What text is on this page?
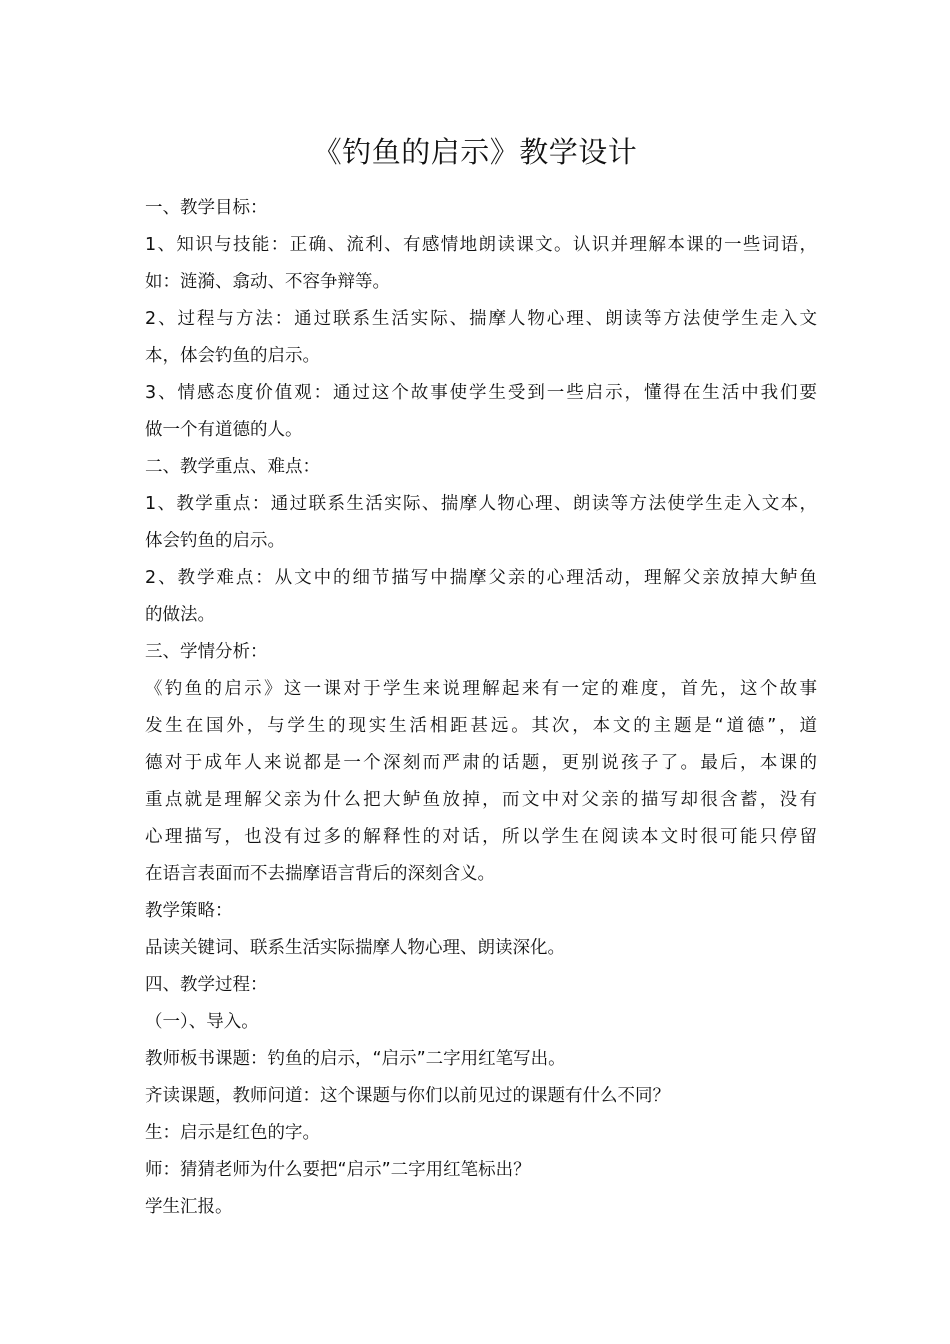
《钓鱼的启示》教学设计
一、教学目标：
1、知识与技能：正确、流利、有感情地朗读课文。认识并理解本课的一些词语，
如：涟漪、翕动、不容争辩等。
2、过程与方法：通过联系生活实际、揣摩人物心理、朗读等方法使学生走入文
本，体会钓鱼的启示。
3、情感态度价值观：通过这个故事使学生受到一些启示，懂得在生活中我们要
做一个有道德的人。
二、教学重点、难点：
1、教学重点：通过联系生活实际、揣摩人物心理、朗读等方法使学生走入文本，
体会钓鱼的启示。
2、教学难点：从文中的细节描写中揣摩父亲的心理活动，理解父亲放掉大鲈鱼
的做法。
三、学情分析：
《钓鱼的启示》这一课对于学生来说理解起来有一定的难度，首先，这个故事
发生在国外，与学生的现实生活相距甚远。其次，本文的主题是“道德”，道
德对于成年人来说都是一个深刻而严肃的话题，更别说孩子了。最后，本课的
重点就是理解父亲为什么把大鲈鱼放掉，而文中对父亲的描写却很含蓄，没有
心理描写，也没有过多的解释性的对话，所以学生在阅读本文时很可能只停留
在语言表面而不去揣摩语言背后的深刻含义。
教学策略：
品读关键词、联系生活实际揣摩人物心理、朗读深化。
四、教学过程：
（一）、导入。
教师板书课题：钓鱼的启示，“启示”二字用红笔写出。
齐读课题，教师问道：这个课题与你们以前见过的课题有什么不同？
生：启示是红色的字。
师：猜猜老师为什么要把“启示”二字用红笔标出？
学生汇报。
